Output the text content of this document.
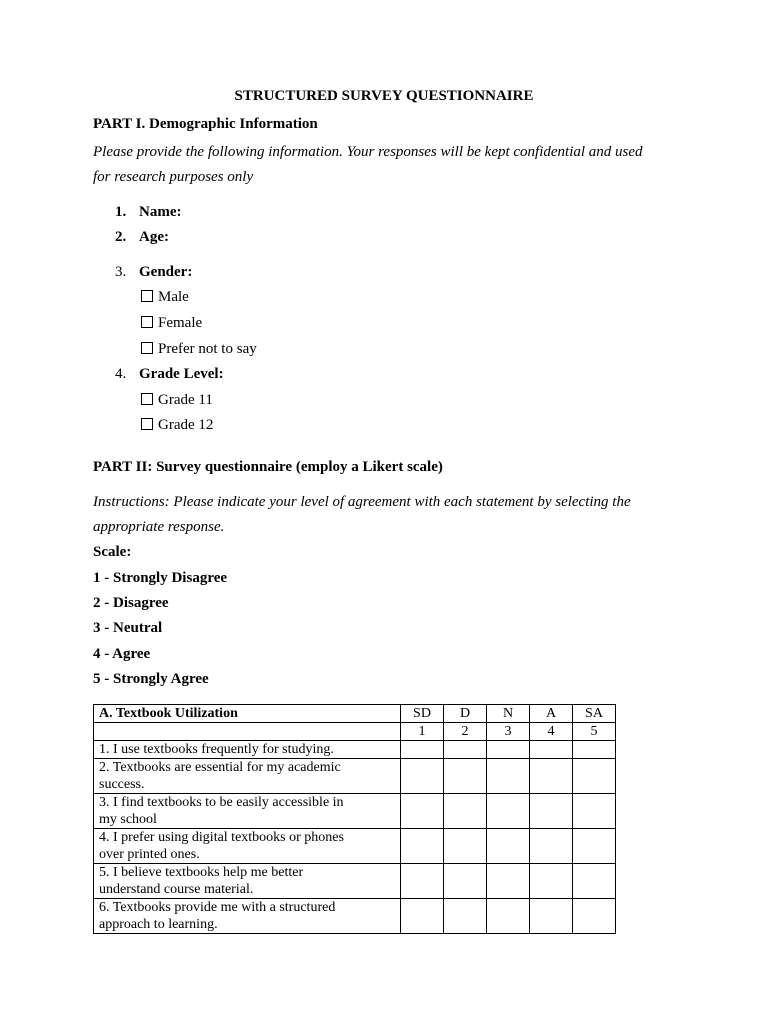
STRUCTURED SURVEY QUESTIONNAIRE
PART I. Demographic Information
Please provide the following information. Your responses will be kept confidential and used
for research purposes only
1. Name:
2. Age:
3. Gender:
Male
Female
Prefer not to say
4. Grade Level:
Grade 11
Grade 12
PART II: Survey questionnaire (employ a Likert scale)
Instructions: Please indicate your level of agreement with each statement by selecting the
appropriate response.
Scale:
1 - Strongly Disagree
2 - Disagree
3 - Neutral
4 - Agree
5 - Strongly Agree
A. Textbook Utilization	SD	D	N	A	SA
	1	2	3	4	5

1. I use textbooks frequently for studying.					

2. Textbooks are essential for my academic
success.					

3. I find textbooks to be easily accessible in
my school					

4. I prefer using digital textbooks or phones
over printed ones.					

5. I believe textbooks help me better
understand course material.					

6. Textbooks provide me with a structured
approach to learning.					
